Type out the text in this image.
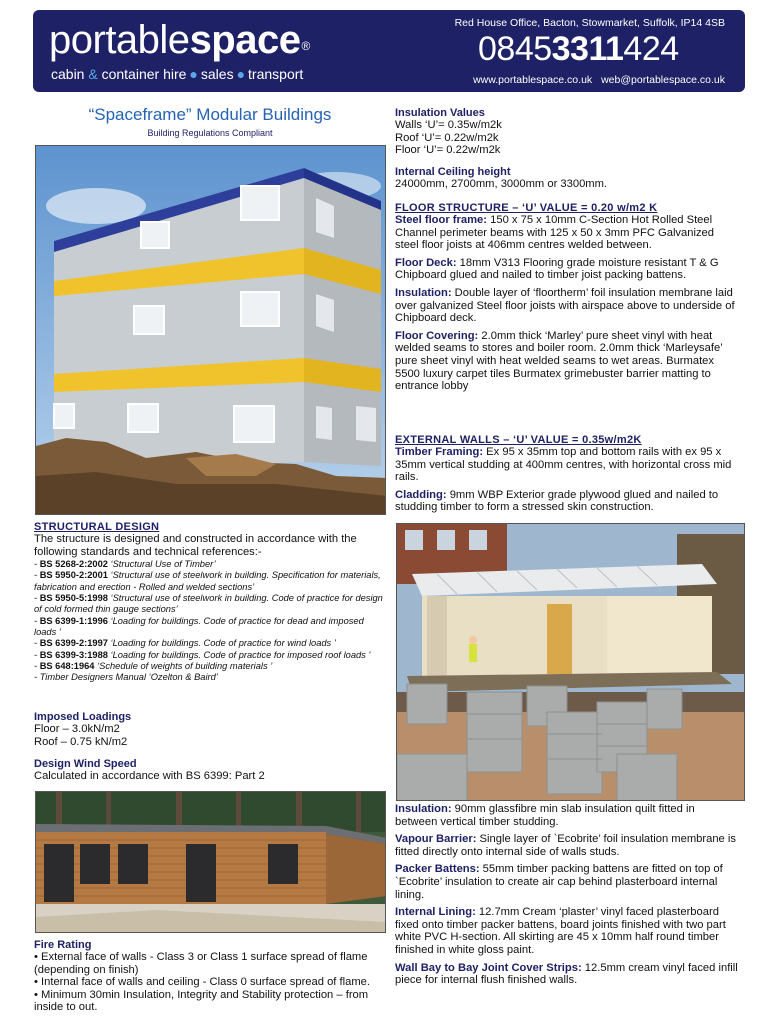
portablespace®
cabin & container hire ● sales ● transport
Red House Office, Bacton, Stowmarket, Suffolk, IP14 4SB
08453311424
www.portablespace.co.uk web@portablespace.co.uk
“Spaceframe” Modular Buildings
Building Regulations Compliant
STRUCTURAL DESIGN
The structure is designed and constructed in accordance with the following standards and technical references:-
- BS 5268-2:2002 ‘Structural Use of Timber’
- BS 5950-2:2001 ‘Structural use of steelwork in building. Specification for materials, fabrication and erection - Rolled and welded sections’
- BS 5950-5:1998 ‘Structural use of steelwork in building. Code of practice for design of cold formed thin gauge sections’
- BS 6399-1:1996 ‘Loading for buildings. Code of practice for dead and imposed loads ’
- BS 6399-2:1997 ‘Loading for buildings. Code of practice for wind loads ’
- BS 6399-3:1988 ‘Loading for buildings. Code of practice for imposed roof loads ’
- BS 648:1964 ‘Schedule of weights of building materials ’
- Timber Designers Manual ‘Ozelton & Baird’
Imposed Loadings
Floor – 3.0kN/m2
Roof – 0.75 kN/m2
Design Wind Speed
Calculated in accordance with BS 6399: Part 2
Fire Rating
• External face of walls - Class 3 or Class 1 surface spread of flame (depending on finish)
• Internal face of walls and ceiling - Class 0 surface spread of flame.
• Minimum 30min Insulation, Integrity and Stability protection – from inside to out.
Insulation Values
Walls ‘U’= 0.35w/m2k
Roof ‘U’= 0.22w/m2k
Floor ‘U’= 0.22w/m2k
Internal Ceiling height
24000mm, 2700mm, 3000mm or 3300mm.
FLOOR STRUCTURE – ‘U’ VALUE = 0.20 w/m2 K
Steel floor frame: 150 x 75 x 10mm C-Section Hot Rolled Steel Channel perimeter beams with 125 x 50 x 3mm PFC Galvanized steel floor joists at 406mm centres welded between.
Floor Deck: 18mm V313 Flooring grade moisture resistant T & G Chipboard glued and nailed to timber joist packing battens.
Insulation: Double layer of ‘floortherm’ foil insulation membrane laid over galvanized Steel floor joists with airspace above to underside of Chipboard deck.
Floor Covering: 2.0mm thick ‘Marley’ pure sheet vinyl with heat welded seams to stores and boiler room. 2.0mm thick ‘Marleysafe’ pure sheet vinyl with heat welded seams to wet areas. Burmatex 5500 luxury carpet tiles Burmatex grimebuster barrier matting to entrance lobby
EXTERNAL WALLS – ‘U’ VALUE = 0.35w/m2K
Timber Framing: Ex 95 x 35mm top and bottom rails with ex 95 x 35mm vertical studding at 400mm centres, with horizontal cross mid rails.
Cladding: 9mm WBP Exterior grade plywood glued and nailed to studding timber to form a stressed skin construction.
Insulation: 90mm glassfibre min slab insulation quilt fitted in between vertical timber studding.
Vapour Barrier: Single layer of `Ecobrite’ foil insulation membrane is fitted directly onto internal side of walls studs.
Packer Battens: 55mm timber packing battens are fitted on top of `Ecobrite’ insulation to create air cap behind plasterboard internal lining.
Internal Lining: 12.7mm Cream ‘plaster’ vinyl faced plasterboard fixed onto timber packer battens, board joints finished with two part white PVC H-section. All skirting are 45 x 10mm half round timber finished in white gloss paint.
Wall Bay to Bay Joint Cover Strips: 12.5mm cream vinyl faced infill piece for internal flush finished walls.
